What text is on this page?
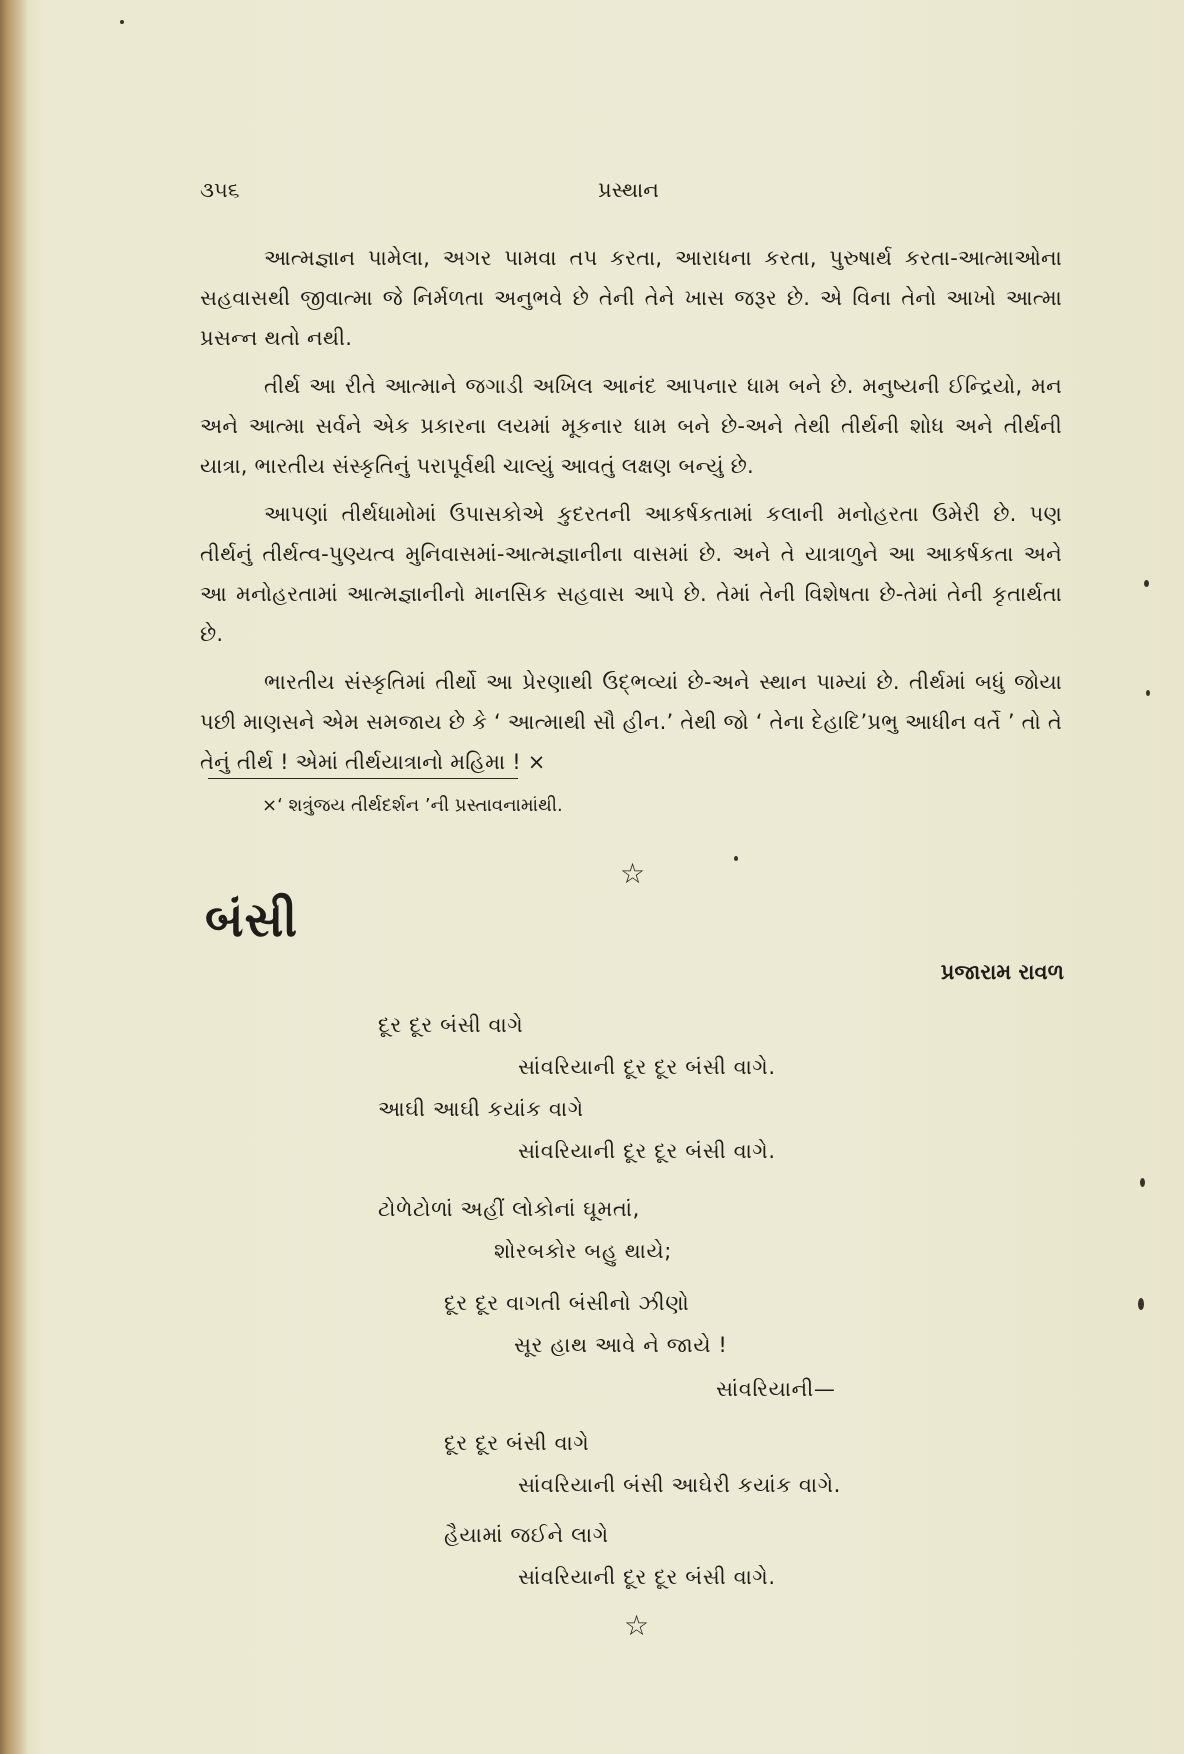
૩૫૬	પ્રસ્થાન

આત્મજ્ઞાન પામેલા, અગર પામવા તપ કરતા, આરાધના કરતા, પુરુષાર્થ કરતા-આત્માઓના સહવાસથી જીવાત્મા જે નિર્મળતા અનુભવે છે તેની તેને ખાસ જરૂર છે. એ વિના તેનો આખો આત્મા પ્રસન્ન થતો નથી.

તીર્થ આ રીતે આત્માને જગાડી અખિલ આનંદ આપનાર ધામ બને છે. મનુષ્યની ઈન્દ્રિયો, મન અને આત્મા સર્વને એક પ્રકારના લયમાં મૂકનાર ધામ બને છે-અને તેથી તીર્થની શોધ અને તીર્થની યાત્રા, ભારતીય સંસ્કૃતિનું પરાપૂર્વથી ચાલ્યું આવતું લક્ષણ બન્યું છે.

આપણાં તીર્થધામોમાં ઉપાસકોએ કુદરતની આકર્ષકતામાં કલાની મનોહરતા ઉમેરી છે. પણ તીર્થનું તીર્થત્વ-પુણ્યત્વ મુનિવાસમાં-આત્મજ્ઞાનીના વાસમાં છે. અને તે યાત્રાળુને આ આકર્ષકતા અને આ મનોહરતામાં આત્મજ્ઞાનીનો માનસિક સહવાસ આપે છે. તેમાં તેની વિશેષતા છે-તેમાં તેની કૃતાર્થતા છે.

ભારતીય સંસ્કૃતિમાં તીર્થો આ પ્રેરણાથી ઉદ્ભવ્યાં છે-અને સ્થાન પામ્યાં છે. તીર્થમાં બધું જોયા પછી માણસને એમ સમજાય છે કે ‘ આત્માથી સૌ હીન.’ તેથી જો ‘ તેના દેહાદિ’પ્રભુ આધીન વર્તે ’ તો તે તેનું તીર્થ ! એમાં તીર્થયાત્રાનો મહિમા ! ×

×‘ શત્રુંજય તીર્થદર્શન ’ની પ્રસ્તાવનામાંથી.
☆
બંસી
પ્રજારામ રાવળ
દૂર દૂર બંસી વાગે
સાંવરિયાની દૂર દૂર બંસી વાગે.
આઘી આઘી કયાંક વાગે
સાંવરિયાની દૂર દૂર બંસી વાગે.
ટોળેટોળાં અહીં લોકોનાં ઘૂમતાં,
શોરબકોર બહુ થાયે;
દૂર દૂર વાગતી બંસીનો ઝીણો
સૂર હાથ આવે ને જાયે !
સાંવરિયાની—
દૂર દૂર બંસી વાગે
સાંવરિયાની બંસી આઘેરી કયાંક વાગે.
હૈયામાં જઈને લાગે
સાંવરિયાની દૂર દૂર બંસી વાગે.
☆
